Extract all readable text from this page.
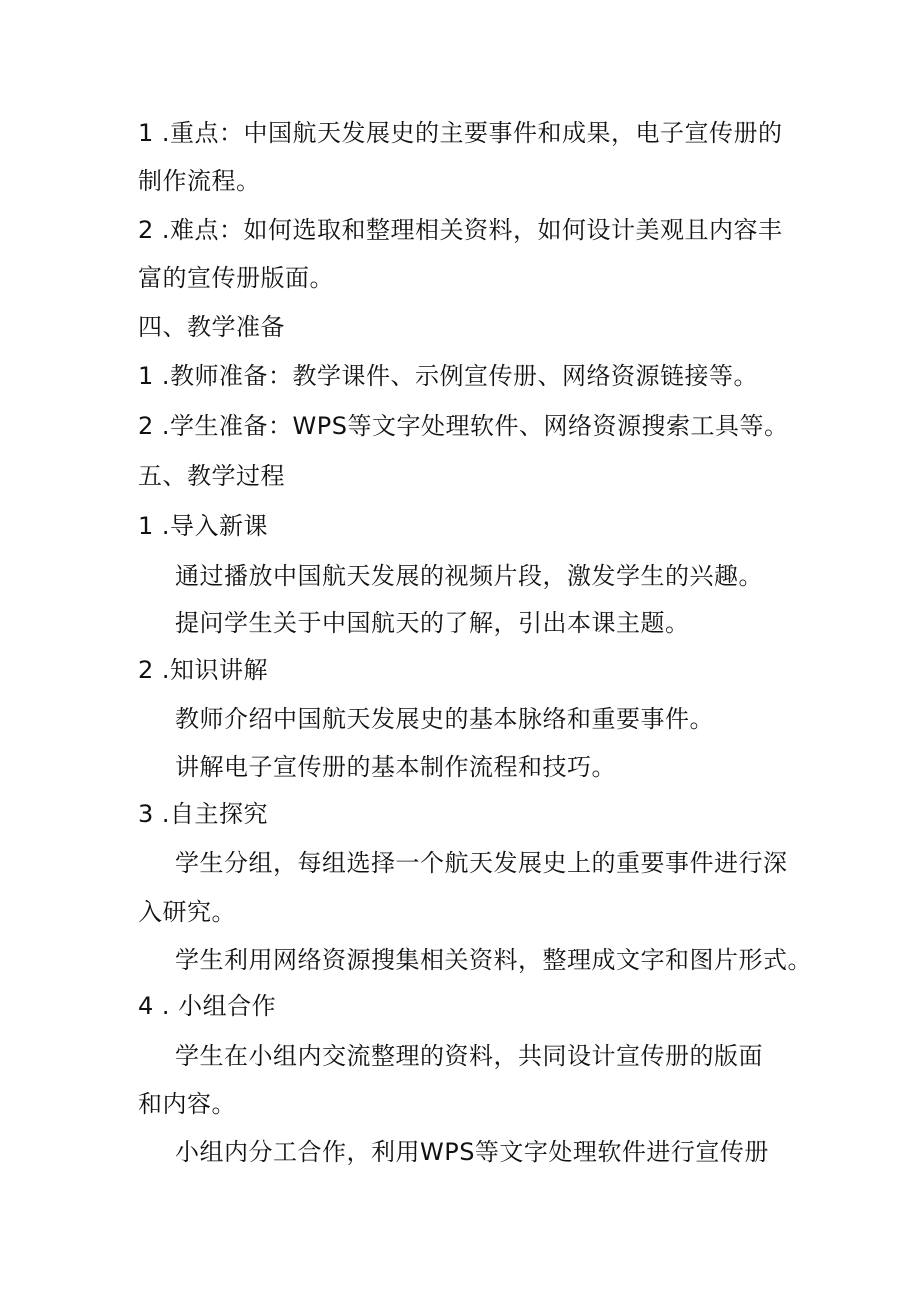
1 .重点：中国航天发展史的主要事件和成果，电子宣传册的
制作流程。
2 .难点：如何选取和整理相关资料，如何设计美观且内容丰
富的宣传册版面。
四、教学准备
1 .教师准备：教学课件、示例宣传册、网络资源链接等。
2 .学生准备：WPS等文字处理软件、网络资源搜索工具等。
五、教学过程
1 .导入新课
通过播放中国航天发展的视频片段，激发学生的兴趣。
提问学生关于中国航天的了解，引出本课主题。
2 .知识讲解
教师介绍中国航天发展史的基本脉络和重要事件。
讲解电子宣传册的基本制作流程和技巧。
3 .自主探究
学生分组，每组选择一个航天发展史上的重要事件进行深
入研究。
学生利用网络资源搜集相关资料，整理成文字和图片形式。
4 . 小组合作
学生在小组内交流整理的资料，共同设计宣传册的版面
和内容。
小组内分工合作，利用WPS等文字处理软件进行宣传册
